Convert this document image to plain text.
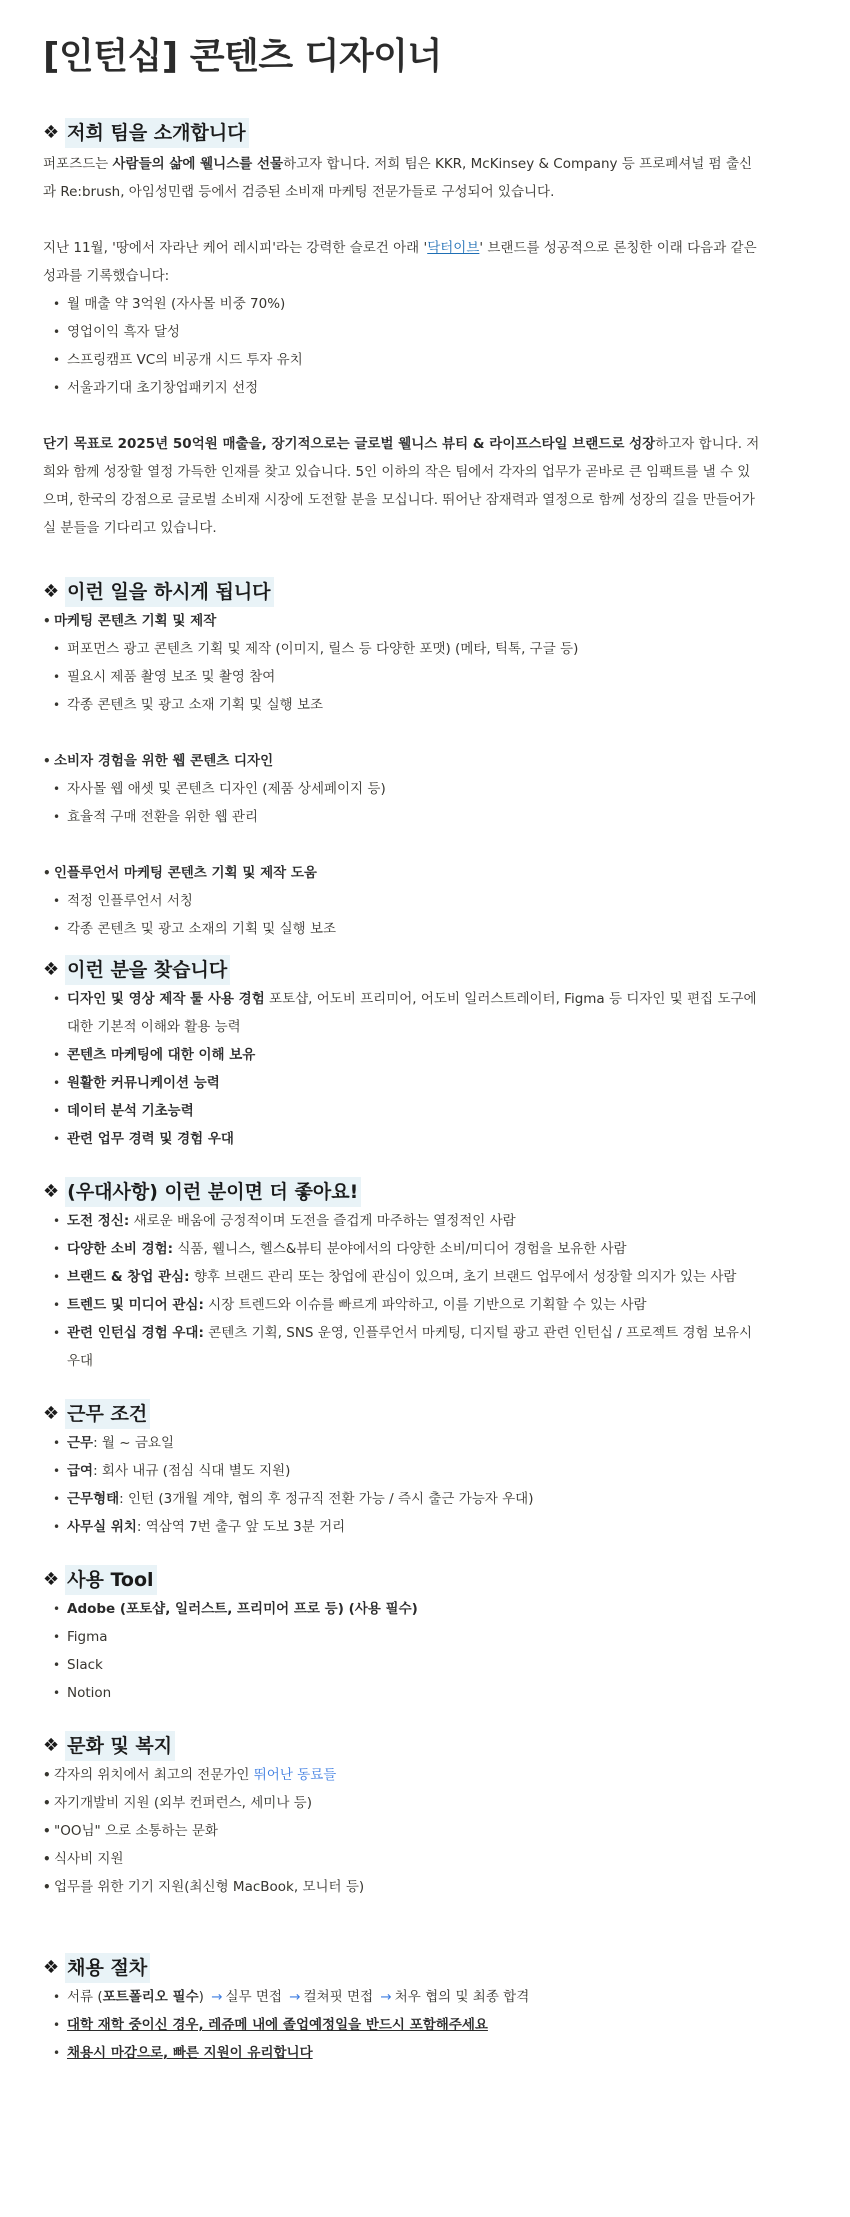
[인턴십] 콘텐츠 디자이너
❖ 저희 팀을 소개합니다

퍼포즈드는 사람들의 삶에 웰니스를 선물하고자 합니다. 저희 팀은 KKR, McKinsey & Company 등 프로페셔널 펌 출신
과 Re:brush, 아임성민랩 등에서 검증된 소비재 마케팅 전문가들로 구성되어 있습니다.

지난 11월, '땅에서 자라난 케어 레시피'라는 강력한 슬로건 아래 '닥터이브' 브랜드를 성공적으로 론칭한 이래 다음과 같은
성과를 기록했습니다:

• 월 매출 약 3억원 (자사몰 비중 70%)
• 영업이익 흑자 달성
• 스프링캠프 VC의 비공개 시드 투자 유치
• 서울과기대 초기창업패키지 선정

단기 목표로 2025년 50억원 매출을, 장기적으로는 글로벌 웰니스 뷰티 & 라이프스타일 브랜드로 성장하고자 합니다. 저
희와 함께 성장할 열정 가득한 인재를 찾고 있습니다. 5인 이하의 작은 팀에서 각자의 업무가 곧바로 큰 임팩트를 낼 수 있
으며, 한국의 강점으로 글로벌 소비재 시장에 도전할 분을 모십니다. 뛰어난 잠재력과 열정으로 함께 성장의 길을 만들어가
실 분들을 기다리고 있습니다.

❖ 이런 일을 하시게 됩니다
• 마케팅 콘텐츠 기획 및 제작
• 퍼포먼스 광고 콘텐츠 기획 및 제작 (이미지, 릴스 등 다양한 포맷) (메타, 틱톡, 구글 등)
• 필요시 제품 촬영 보조 및 촬영 참여
• 각종 콘텐츠 및 광고 소재 기획 및 실행 보조
• 소비자 경험을 위한 웹 콘텐츠 디자인
• 자사몰 웹 애셋 및 콘텐츠 디자인 (제품 상세페이지 등)
• 효율적 구매 전환을 위한 웹 관리
• 인플루언서 마케팅 콘텐츠 기획 및 제작 도움
• 적정 인플루언서 서칭
• 각종 콘텐츠 및 광고 소재의 기획 및 실행 보조
❖ 이런 분을 찾습니다
• 디자인 및 영상 제작 툴 사용 경험 포토샵, 어도비 프리미어, 어도비 일러스트레이터, Figma 등 디자인 및 편집 도구에
대한 기본적 이해와 활용 능력
• 콘텐츠 마케팅에 대한 이해 보유
• 원활한 커뮤니케이션 능력
• 데이터 분석 기초능력
• 관련 업무 경력 및 경험 우대
❖ (우대사항) 이런 분이면 더 좋아요!
• 도전 정신: 새로운 배움에 긍정적이며 도전을 즐겁게 마주하는 열정적인 사람
• 다양한 소비 경험: 식품, 웰니스, 헬스&뷰티 분야에서의 다양한 소비/미디어 경험을 보유한 사람
• 브랜드 & 창업 관심: 향후 브랜드 관리 또는 창업에 관심이 있으며, 초기 브랜드 업무에서 성장할 의지가 있는 사람
• 트렌드 및 미디어 관심: 시장 트렌드와 이슈를 빠르게 파악하고, 이를 기반으로 기획할 수 있는 사람
• 관련 인턴십 경험 우대: 콘텐츠 기획, SNS 운영, 인플루언서 마케팅, 디지털 광고 관련 인턴십 / 프로젝트 경험 보유시
우대
❖ 근무 조건
• 근무: 월 ~ 금요일
• 급여: 회사 내규 (점심 식대 별도 지원)
• 근무형태: 인턴 (3개월 계약, 협의 후 정규직 전환 가능 / 즉시 출근 가능자 우대)
• 사무실 위치: 역삼역 7번 출구 앞 도보 3분 거리
❖ 사용 Tool
• Adobe (포토샵, 일러스트, 프리미어 프로 등) (사용 필수)
• Figma
• Slack
• Notion
❖ 문화 및 복지
• 각자의 위치에서 최고의 전문가인 뛰어난 동료들
• 자기개발비 지원 (외부 컨퍼런스, 세미나 등)
• "OO님" 으로 소통하는 문화
• 식사비 지원
• 업무를 위한 기기 지원(최신형 MacBook, 모니터 등)
❖ 채용 절차
• 서류 (포트폴리오 필수) → 실무 면접 → 컬쳐핏 면접 → 처우 협의 및 최종 합격
• 대학 재학 중이신 경우, 레쥬메 내에 졸업예정일을 반드시 포함해주세요
• 채용시 마감으로, 빠른 지원이 유리합니다
